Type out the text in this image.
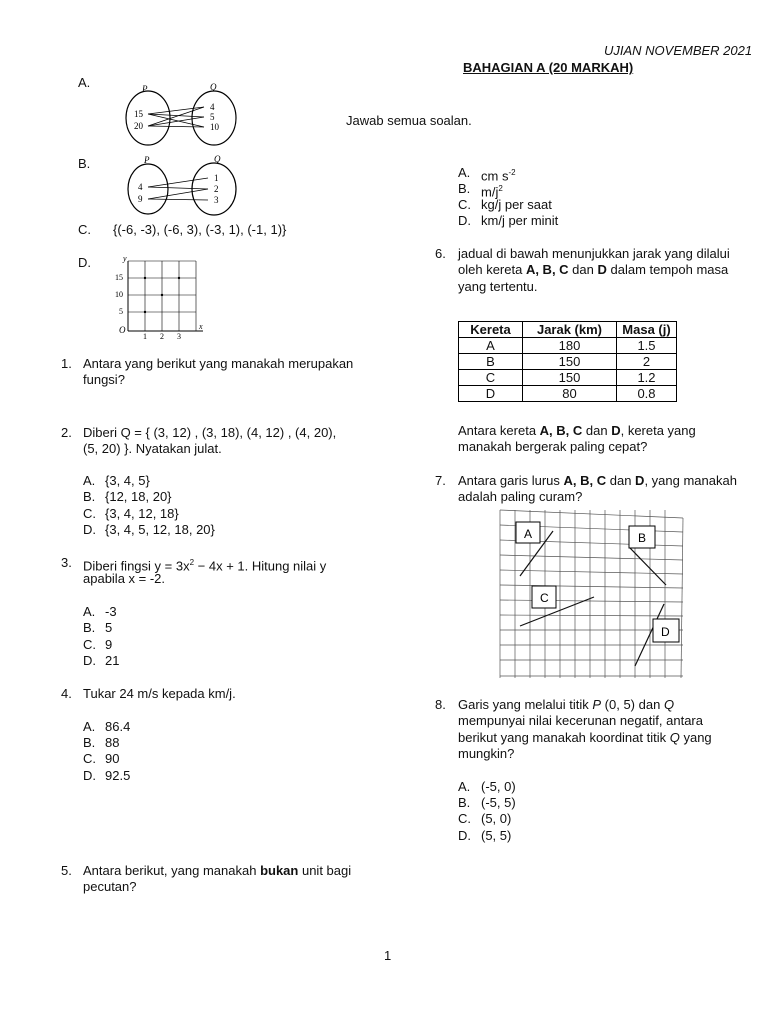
UJIAN NOVEMBER 2021
BAHAGIAN A (20 MARKAH)
Jawab semua soalan.
A.	P	Q
15
20
4
5
10
B.	P	Q
4
9
1
2
3
C. {(-6, -3), (-6, 3), (-3, 1), (-1, 1)}
D.	y
x
O
15
10
5
1 2 3
1. Antara yang berikut yang manakah merupakan
fungsi?
2. Diberi Q = { (3, 12) , (3, 18), (4, 12) , (4, 20),
(5, 20) }. Nyatakan julat.
A. {3, 4, 5}
B. {12, 18, 20}
C. {3, 4, 12, 18}
D. {3, 4, 5, 12, 18, 20}
3. Diberi fingsi $y = 3x^2 - 4x + 1$. Hitung nilai y
apabila x = -2.
A. -3
B. 5
C. 9
D. 21
4. Tukar 24 m/s kepada km/j.
A. 86.4
B. 88
C. 90
D. 92.5
5. Antara berikut, yang manakah bukan unit bagi
pecutan?
A. cm $s^{-2}$
B. $m/j^2$
C. kg/j per saat
D. km/j per minit
6. jadual di bawah menunjukkan jarak yang dilalui
oleh kereta A, B, C dan D dalam tempoh masa
yang tertentu.
Kereta	Jarak (km)	Masa (j)
A	180	1.5
B	150	2
C	150	1.2
D	80	0.8
Antara kereta A, B, C dan D, kereta yang
manakah bergerak paling cepat?
7. Antara garis lurus A, B, C dan D, yang manakah
adalah paling curam?
A	B
C
D
8. Garis yang melalui titik P (0, 5) dan Q
mempunyai nilai kecerunan negatif, antara
berikut yang manakah koordinat titik Q yang
mungkin?
A. (-5, 0)
B. (-5, 5)
C. (5, 0)
D. (5, 5)
1
